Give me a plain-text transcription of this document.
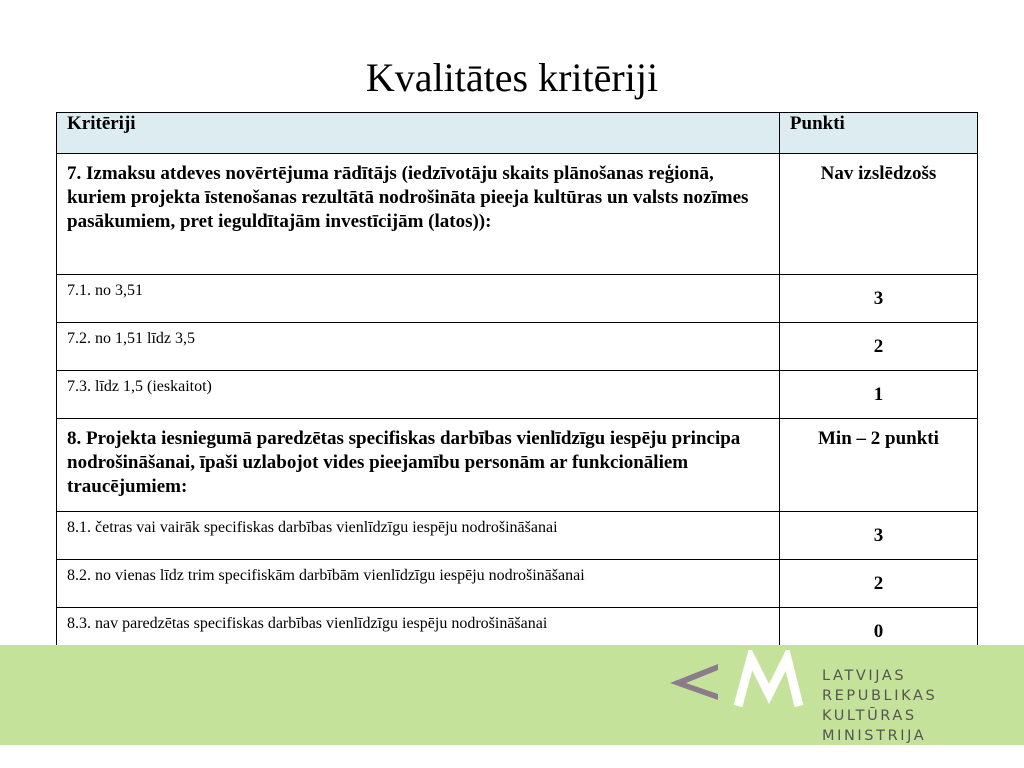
Kvalitātes kritēriji
Kritēriji	Punkti
7. Izmaksu atdeves novērtējuma rādītājs (iedzīvotāju skaits plānošanas reģionā, kuriem projekta īstenošanas rezultātā nodrošināta pieeja kultūras un valsts nozīmes pasākumiem, pret ieguldītajām investīcijām (latos)):	Nav izslēdzošs
7.1. no 3,51	3
7.2. no 1,51 līdz 3,5	2
7.3. līdz 1,5 (ieskaitot)	1
8. Projekta iesniegumā paredzētas specifiskas darbības vienlīdzīgu iespēju principa nodrošināšanai, īpaši uzlabojot vides pieejamību personām ar funkcionāliem traucējumiem:	Min – 2 punkti
8.1. četras vai vairāk specifiskas darbības vienlīdzīgu iespēju nodrošināšanai	3
8.2. no vienas līdz trim specifiskām darbībām vienlīdzīgu iespēju nodrošināšanai	2
8.3. nav paredzētas specifiskas darbības vienlīdzīgu iespēju nodrošināšanai	0
LATVIJAS REPUBLIKAS
KULTŪRAS MINISTRIJA
